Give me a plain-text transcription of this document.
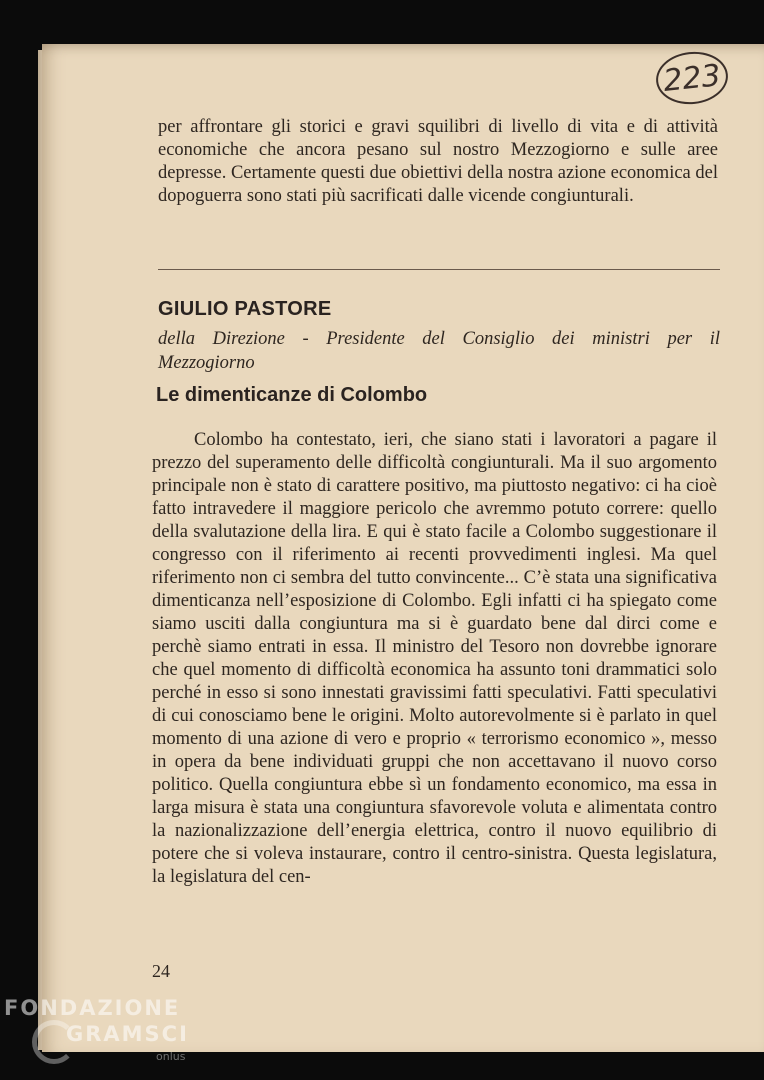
223
per affrontare gli storici e gravi squilibri di livello di vita e di attività economiche che ancora pesano sul nostro Mezzogiorno e sulle aree depresse. Certamente questi due obiettivi della nostra azione economica del dopoguerra sono stati più sacrificati dalle vicende congiunturali.
GIULIO PASTORE
della Direzione - Presidente del Consiglio dei ministri per il
Mezzogiorno
Le dimenticanze di Colombo

Colombo ha contestato, ieri, che siano stati i lavoratori a pagare il prezzo del superamento delle difficoltà congiunturali. Ma il suo argomento principale non è stato di carattere positivo, ma piuttosto negativo: ci ha cioè fatto intravedere il maggiore pericolo che avremmo potuto correre: quello della svalutazione della lira. E qui è stato facile a Colombo suggestionare il congresso con il riferimento ai recenti provvedimenti inglesi. Ma quel riferimento non ci sembra del tutto convincente... C’è stata una significativa dimenticanza nell’esposizione di Colombo. Egli infatti ci ha spiegato come siamo usciti dalla congiuntura ma si è guardato bene dal dirci come e perchè siamo entrati in essa. Il ministro del Tesoro non dovrebbe ignorare che quel momento di difficoltà economica ha assunto toni drammatici solo perché in esso si sono innestati gravissimi fatti speculativi. Fatti speculativi di cui conosciamo bene le origini. Molto autorevolmente si è parlato in quel momento di una azione di vero e proprio « terrorismo economico », messo in opera da bene individuati gruppi che non accettavano il nuovo corso politico. Quella congiuntura ebbe sì un fondamento economico, ma essa in larga misura è stata una congiuntura sfavorevole voluta e alimentata contro la nazionalizzazione dell’energia elettrica, contro il nuovo equilibrio di potere che si voleva instaurare, contro il centro-sinistra. Questa legislatura, la legislatura del cen-

24
FONDAZIONE
GRAMSCI
onlus
